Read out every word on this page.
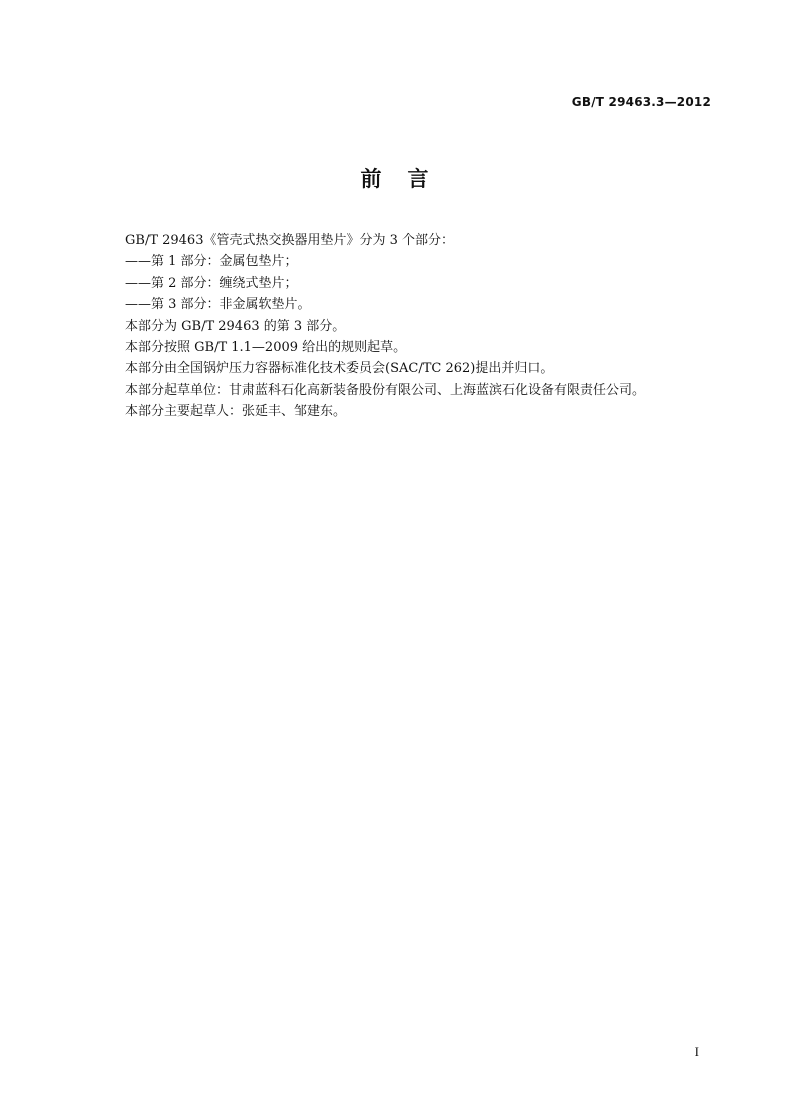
GB/T 29463.3—2012
前言

GB/T 29463《管壳式热交换器用垫片》分为 3 个部分：

——第 1 部分：金属包垫片；

——第 2 部分：缠绕式垫片；

——第 3 部分：非金属软垫片。

本部分为 GB/T 29463 的第 3 部分。

本部分按照 GB/T 1.1—2009 给出的规则起草。

本部分由全国锅炉压力容器标准化技术委员会(SAC/TC 262)提出并归口。

本部分起草单位：甘肃蓝科石化高新装备股份有限公司、上海蓝滨石化设备有限责任公司。

本部分主要起草人：张延丰、邹建东。

I
